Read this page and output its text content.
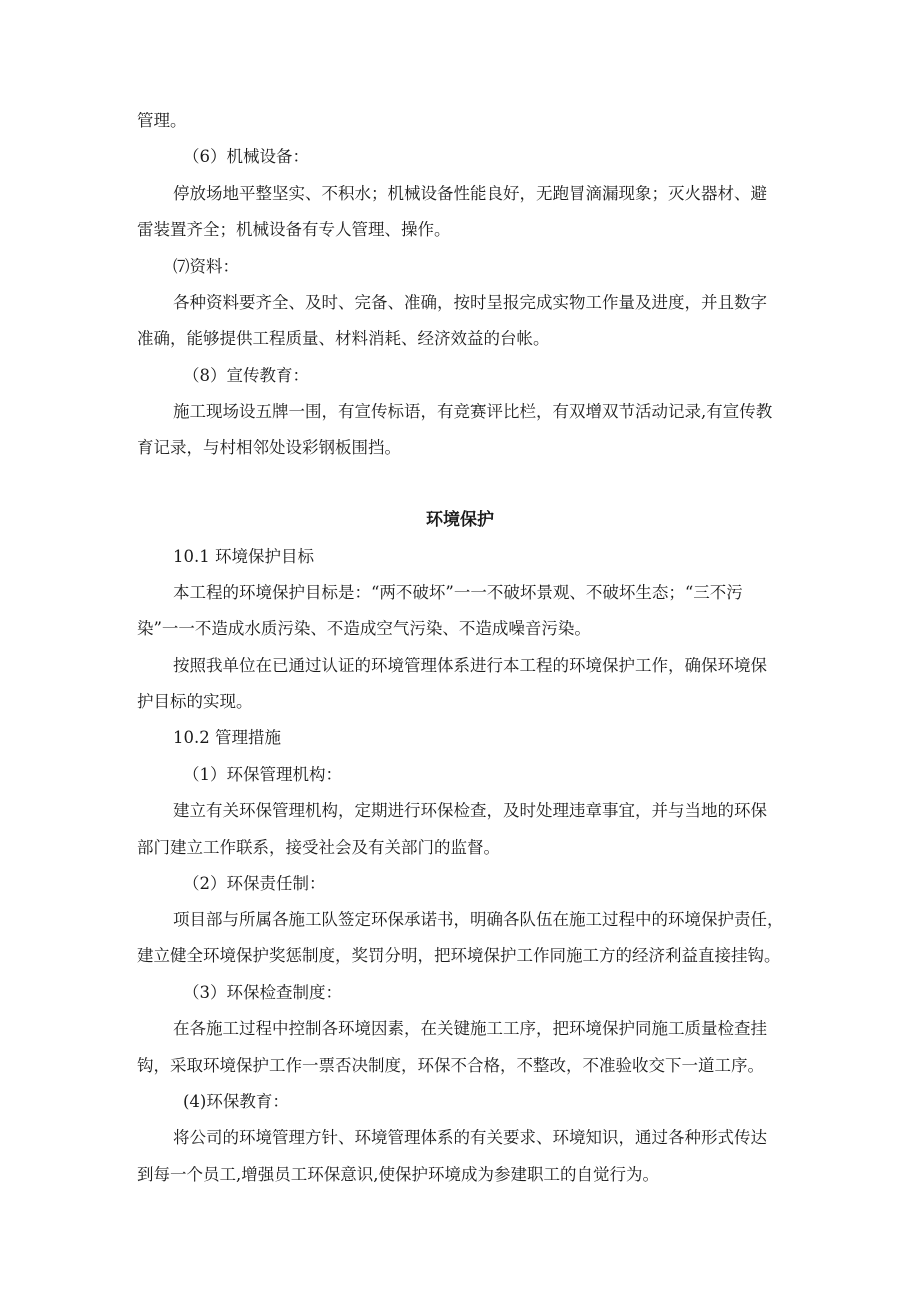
管理。
（6）机械设备：
停放场地平整坚实、不积水；机械设备性能良好，无跑冒滴漏现象；灭火器材、避
雷装置齐全；机械设备有专人管理、操作。
⑺资料：
各种资料要齐全、及时、完备、准确，按时呈报完成实物工作量及进度，并且数字
准确，能够提供工程质量、材料消耗、经济效益的台帐。
（8）宣传教育：
施工现场设五牌一围，有宣传标语，有竞赛评比栏，有双增双节活动记录,有宣传教
育记录，与村相邻处设彩钢板围挡。
环境保护
10.1 环境保护目标
本工程的环境保护目标是：“两不破坏”一一不破坏景观、不破坏生态；“三不污
染”一一不造成水质污染、不造成空气污染、不造成噪音污染。
按照我单位在已通过认证的环境管理体系进行本工程的环境保护工作，确保环境保
护目标的实现。
10.2 管理措施
（1）环保管理机构：
建立有关环保管理机构，定期进行环保检查，及时处理违章事宜，并与当地的环保
部门建立工作联系，接受社会及有关部门的监督。
（2）环保责任制：
项目部与所属各施工队签定环保承诺书，明确各队伍在施工过程中的环境保护责任，
建立健全环境保护奖惩制度，奖罚分明，把环境保护工作同施工方的经济利益直接挂钩。
（3）环保检查制度：
在各施工过程中控制各环境因素，在关键施工工序，把环境保护同施工质量检查挂
钩，采取环境保护工作一票否决制度，环保不合格，不整改，不准验收交下一道工序。
(4)环保教育：
将公司的环境管理方针、环境管理体系的有关要求、环境知识，通过各种形式传达
到每一个员工,增强员工环保意识,使保护环境成为参建职工的自觉行为。
